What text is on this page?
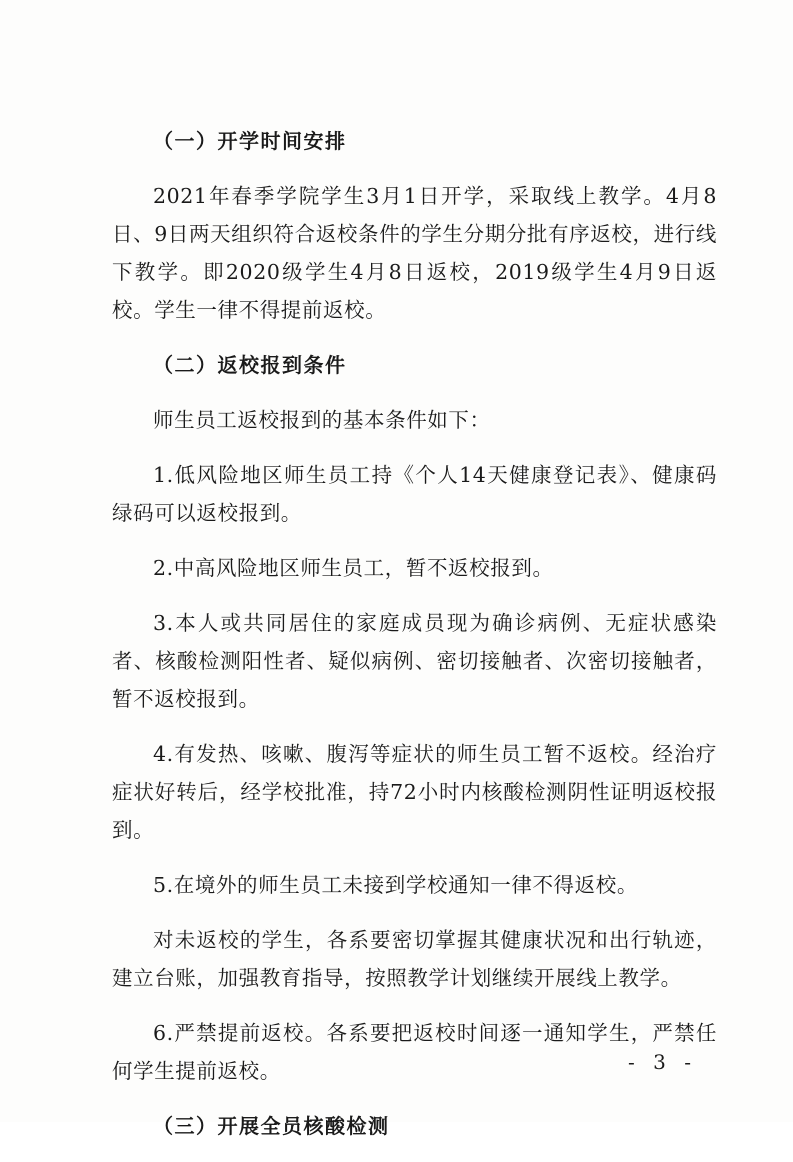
（一）开学时间安排

2021年春季学院学生3月1日开学，采取线上教学。4月8日、9日两天组织符合返校条件的学生分期分批有序返校，进行线下教学。即2020级学生4月8日返校，2019级学生4月9日返校。学生一律不得提前返校。

（二）返校报到条件

师生员工返校报到的基本条件如下：

1.低风险地区师生员工持《个人14天健康登记表》、健康码绿码可以返校报到。

2.中高风险地区师生员工，暂不返校报到。

3.本人或共同居住的家庭成员现为确诊病例、无症状感染者、核酸检测阳性者、疑似病例、密切接触者、次密切接触者，暂不返校报到。

4.有发热、咳嗽、腹泻等症状的师生员工暂不返校。经治疗症状好转后，经学校批准，持72小时内核酸检测阴性证明返校报到。

5.在境外的师生员工未接到学校通知一律不得返校。

对未返校的学生，各系要密切掌握其健康状况和出行轨迹，建立台账，加强教育指导，按照教学计划继续开展线上教学。

6.严禁提前返校。各系要把返校时间逐一通知学生，严禁任何学生提前返校。

（三）开展全员核酸检测

- 3 -
